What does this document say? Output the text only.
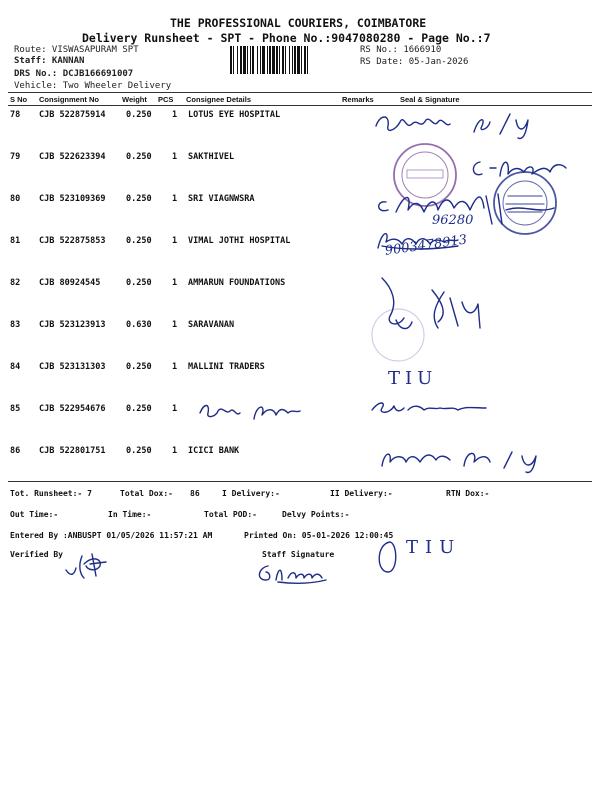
THE PROFESSIONAL COURIERS, COIMBATORE
Delivery Runsheet - SPT - Phone No.:9047080280 - Page No.:7
Route: VISWASAPURAM SPT
Staff: KANNAN
DRS No.: DCJB166691007
Vehicle: Two Wheeler Delivery
RS No.: 1666910
RS Date: 05-Jan-2026
S No Consignment No	Weight PCS Consignee Details	Remarks	Seal & Signature
78 CJB 522875914 0.250 1 LOTUS EYE HOSPITAL
79 CJB 522623394 0.250 1 SAKTHIVEL
80 CJB 523109369 0.250 1 SRI VIAGNWSRA
81 CJB 522875853 0.250 1 VIMAL JOTHI HOSPITAL
82 CJB 80924545	0.250 1 AMMARUN FOUNDATIONS
83 CJB 523123913 0.630 1 SARAVANAN
84 CJB 523131303 0.250 1 MALLINI TRADERS
85 CJB 522954676 0.250 1
86 CJB 522801751 0.250 1 ICICI BANK
96280
9003478913
TIU
Tot. Runsheet:- 7	Total Dox:- 86	I Delivery:-	II Delivery:-	RTN Dox:-
Out Time:-	In Time:-	Total POD:-	Delvy Points:-
Entered By :ANBUSPT 01/05/2026 11:57:21 AM	Printed On: 05-01-2026 12:00:45
Verified By	Staff Signature	TIU
